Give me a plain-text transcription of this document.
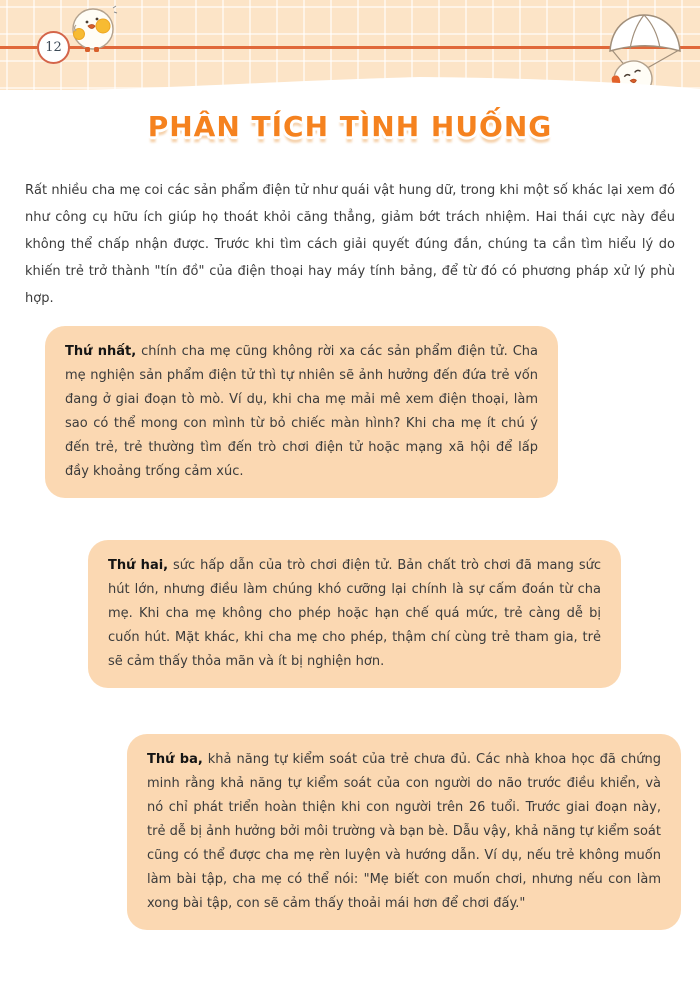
12
PHÂN TÍCH TÌNH HUỐNG

Rất nhiều cha mẹ coi các sản phẩm điện tử như quái vật hung dữ, trong khi một số khác lại xem đó như công cụ hữu ích giúp họ thoát khỏi căng thẳng, giảm bớt trách nhiệm. Hai thái cực này đều không thể chấp nhận được. Trước khi tìm cách giải quyết đúng đắn, chúng ta cần tìm hiểu lý do khiến trẻ trở thành "tín đồ" của điện thoại hay máy tính bảng, để từ đó có phương pháp xử lý phù hợp.

Thứ nhất, chính cha mẹ cũng không rời xa các sản phẩm điện tử. Cha mẹ nghiện sản phẩm điện tử thì tự nhiên sẽ ảnh hưởng đến đứa trẻ vốn đang ở giai đoạn tò mò. Ví dụ, khi cha mẹ mải mê xem điện thoại, làm sao có thể mong con mình từ bỏ chiếc màn hình? Khi cha mẹ ít chú ý đến trẻ, trẻ thường tìm đến trò chơi điện tử hoặc mạng xã hội để lấp đầy khoảng trống cảm xúc.
Thứ hai, sức hấp dẫn của trò chơi điện tử. Bản chất trò chơi đã mang sức hút lớn, nhưng điều làm chúng khó cưỡng lại chính là sự cấm đoán từ cha mẹ. Khi cha mẹ không cho phép hoặc hạn chế quá mức, trẻ càng dễ bị cuốn hút. Mặt khác, khi cha mẹ cho phép, thậm chí cùng trẻ tham gia, trẻ sẽ cảm thấy thỏa mãn và ít bị nghiện hơn.
Thứ ba, khả năng tự kiểm soát của trẻ chưa đủ. Các nhà khoa học đã chứng minh rằng khả năng tự kiểm soát của con người do não trước điều khiển, và nó chỉ phát triển hoàn thiện khi con người trên 26 tuổi. Trước giai đoạn này, trẻ dễ bị ảnh hưởng bởi môi trường và bạn bè. Dẫu vậy, khả năng tự kiểm soát cũng có thể được cha mẹ rèn luyện và hướng dẫn. Ví dụ, nếu trẻ không muốn làm bài tập, cha mẹ có thể nói: "Mẹ biết con muốn chơi, nhưng nếu con làm xong bài tập, con sẽ cảm thấy thoải mái hơn để chơi đấy."
